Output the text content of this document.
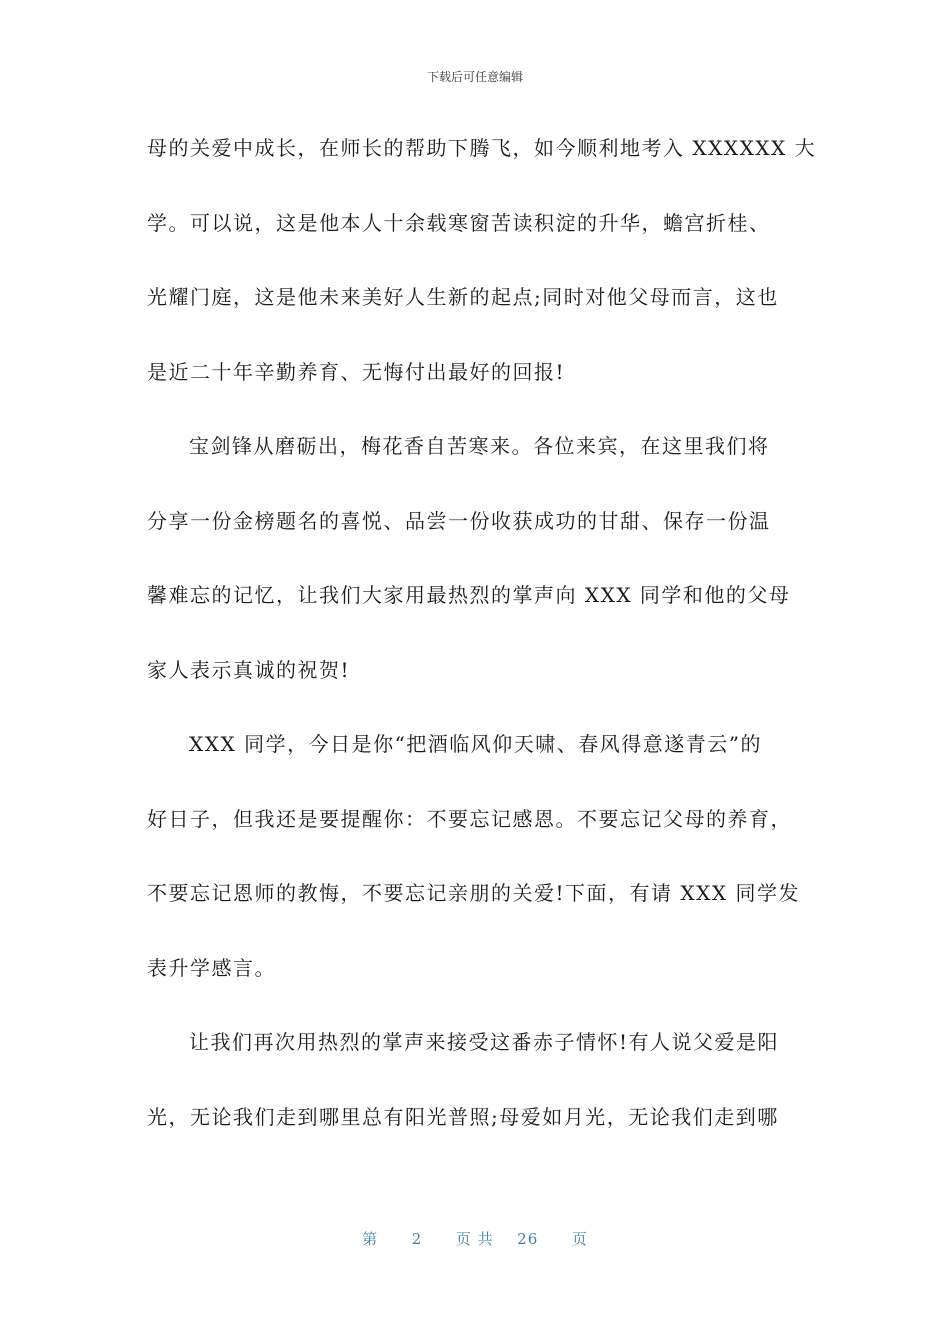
下载后可任意编辑
母的关爱中成长，在师长的帮助下腾飞，如今顺利地考入 XXXXXX 大
学。可以说，这是他本人十余载寒窗苦读积淀的升华，蟾宫折桂、
光耀门庭，这是他未来美好人生新的起点;同时对他父母而言，这也
是近二十年辛勤养育、无悔付出最好的回报!
宝剑锋从磨砺出，梅花香自苦寒来。各位来宾，在这里我们将
分享一份金榜题名的喜悦、品尝一份收获成功的甘甜、保存一份温
馨难忘的记忆，让我们大家用最热烈的掌声向 XXX 同学和他的父母
家人表示真诚的祝贺!
XXX 同学，今日是你“把酒临风仰天啸、春风得意遂青云”的
好日子，但我还是要提醒你：不要忘记感恩。不要忘记父母的养育，
不要忘记恩师的教悔，不要忘记亲朋的关爱!下面，有请 XXX 同学发
表升学感言。
让我们再次用热烈的掌声来接受这番赤子情怀!有人说父爱是阳
光，无论我们走到哪里总有阳光普照;母爱如月光，无论我们走到哪
第 2 页 共 26 页
